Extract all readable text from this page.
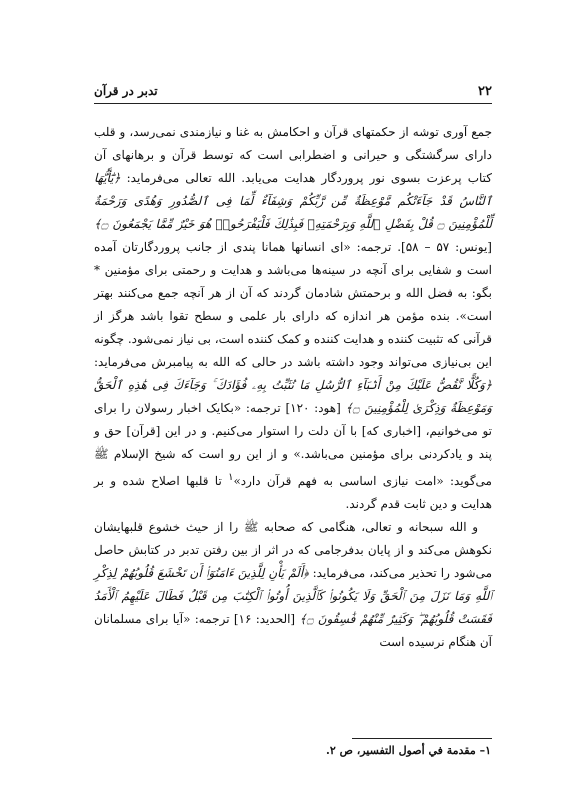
۲۲
تدبر در قرآن

جمع آوری توشه از حکمتهای قرآن و احکامش به غنا و نیازمندی نمی‌رسد، و قلب دارای سرگشتگی و حیرانی و اضطرابی است که توسط قرآن و برهانهای آن کتاب پرعزت بسوی نور پروردگار هدایت می‌یابد. الله تعالی می‌فرماید: ﴿يَٰٓأَيُّهَا ٱلنَّاسُ قَدْ جَآءَتْكُم مَّوْعِظَةٌ مِّن رَّبِّكُمْ وَشِفَآءٌ لِّمَا فِى ٱلصُّدُورِ وَهُدًى وَرَحْمَةٌ لِّلْمُؤْمِنِينَ ۝ قُلْ بِفَضْلِ ٱللَّهِ وَبِرَحْمَتِهِۦ فَبِذَٰلِكَ فَلْيَفْرَحُوا۟ هُوَ خَيْرٌ مِّمَّا يَجْمَعُونَ ۝﴾ [یونس: ۵۷ – ۵۸]. ترجمه: «ای انسانها همانا پندی از جانب پروردگارتان آمده است و شفایی برای آنچه در سینه‌ها می‌باشد و هدایت و رحمتی برای مؤمنین * بگو: به فضل الله و برحمتش شادمان گردند که آن از هر آنچه جمع می‌کنند بهتر است». بنده مؤمن هر اندازه که دارای بار علمی و سطح تقوا باشد هرگز از قرآنی که تثبیت کننده و هدایت کننده و کمک کننده است، بی نیاز نمی‌شود. چگونه این بی‌نیازی می‌تواند وجود داشته باشد در حالی که الله به پیامبرش می‌فرماید: ﴿وَكُلًّا نَّقُصُّ عَلَيْكَ مِنْ أَنۢبَآءِ ٱلرُّسُلِ مَا نُثَبِّتُ بِهِۦ فُؤَادَكَ ۚ وَجَآءَكَ فِى هَٰذِهِ ٱلْحَقُّ وَمَوْعِظَةٌ وَذِكْرَىٰ لِلْمُؤْمِنِينَ ۝﴾ [هود: ۱۲۰] ترجمه: «بکایک اخبار رسولان را برای تو می‌خوانیم، [اخباری که] با آن دلت را استوار می‌کنیم. و در این [قرآن] حق و پند و یادکردنی برای مؤمنین می‌باشد.» و از این رو است که شیخ الإسلام ﷺ می‌گوید: «امت نیازی اساسی به فهم قرآن دارد»$^۱$ تا قلبها اصلاح شده و بر هدایت و دین ثابت قدم گردند.

و الله سبحانه و تعالی، هنگامی که صحابه ﷺ را از حیث خشوع قلبهایشان نکوهش می‌کند و از پایان بدفرجامی که در اثر از بین رفتن تدبر در کتابش حاصل می‌شود را تحذیر می‌کند، می‌فرماید: ﴿أَلَمْ يَأْنِ لِلَّذِينَ ءَامَنُوٓا۟ أَن تَخْشَعَ قُلُوبُهُمْ لِذِكْرِ ٱللَّهِ وَمَا نَزَلَ مِنَ ٱلْحَقِّ وَلَا يَكُونُوا۟ كَٱلَّذِينَ أُوتُوا۟ ٱلْكِتَٰبَ مِن قَبْلُ فَطَالَ عَلَيْهِمُ ٱلْأَمَدُ فَقَسَتْ قُلُوبُهُمْ ۖ وَكَثِيرٌ مِّنْهُمْ فَٰسِقُونَ ۝﴾ [الحدید: ۱۶] ترجمه: «آیا برای مسلمانان آن هنگام نرسیده است

۱– مقدمة في أصول التفسير، ص ۲.
